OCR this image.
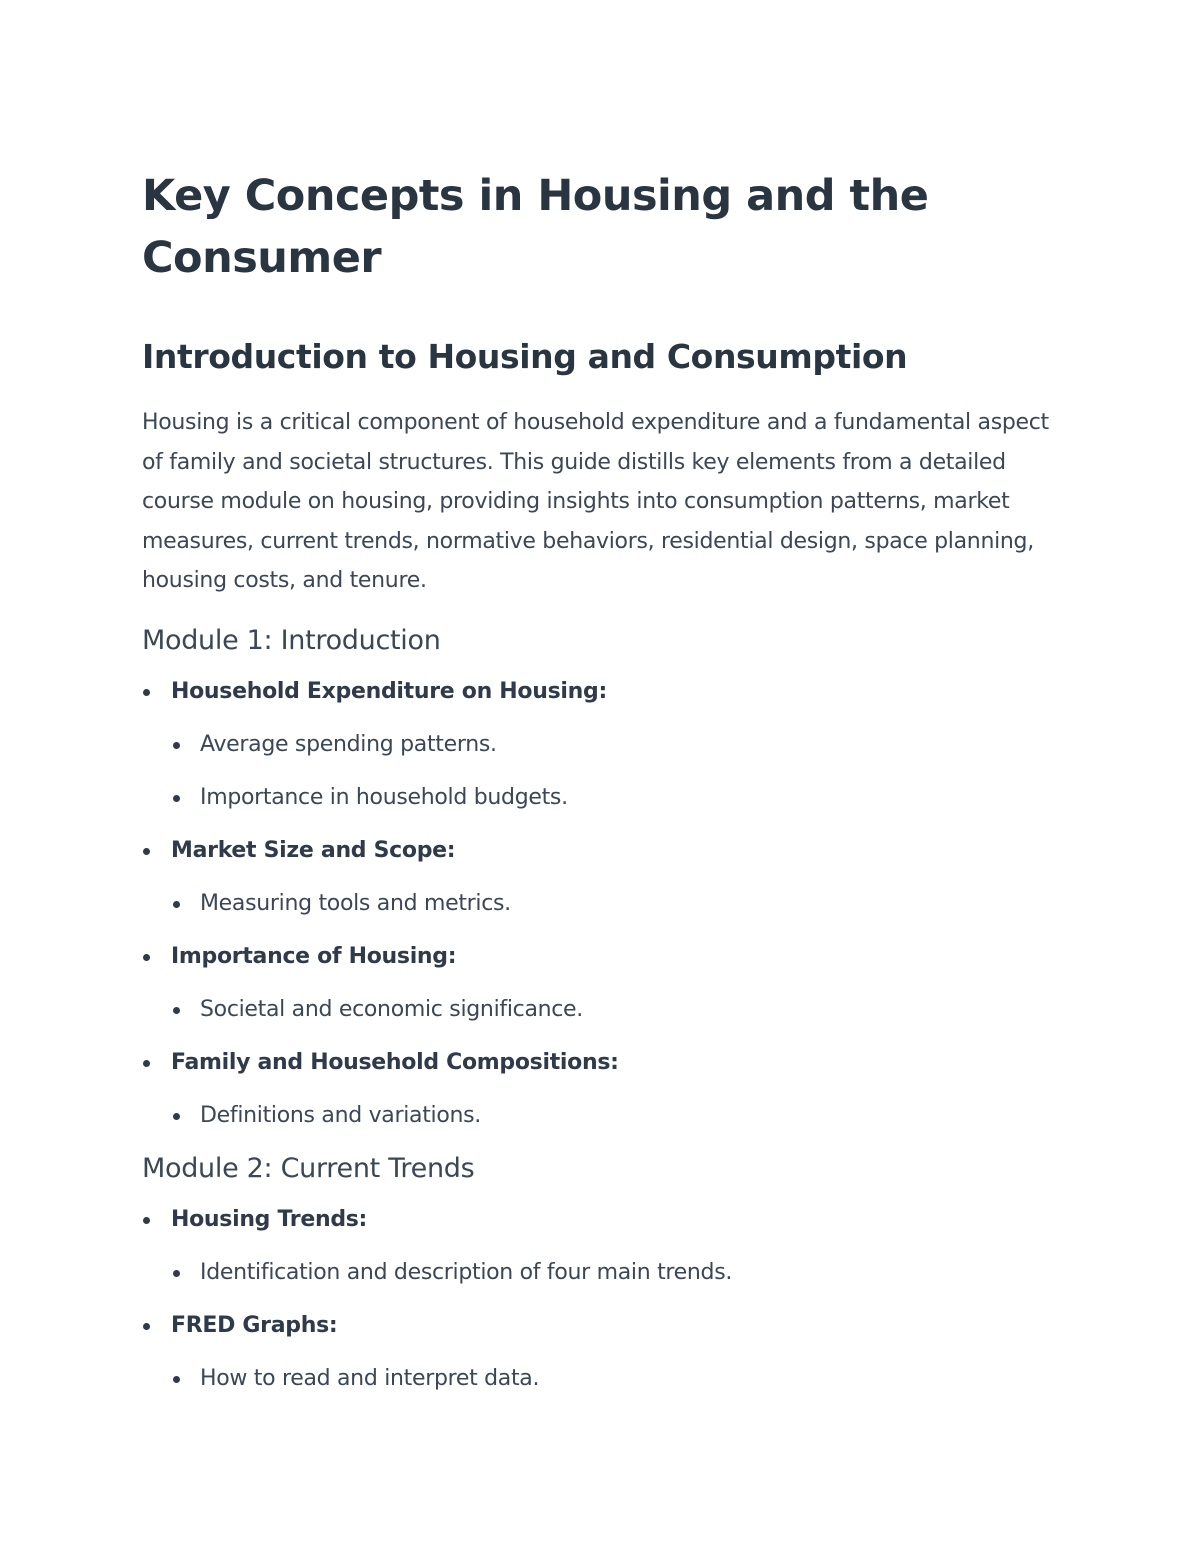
Key Concepts in Housing and the Consumer
Introduction to Housing and Consumption

Housing is a critical component of household expenditure and a fundamental aspect of family and societal structures. This guide distills key elements from a detailed course module on housing, providing insights into consumption patterns, market measures, current trends, normative behaviors, residential design, space planning, housing costs, and tenure.

Module 1: Introduction
Household Expenditure on Housing:
Average spending patterns.
Importance in household budgets.
Market Size and Scope:
Measuring tools and metrics.
Importance of Housing:
Societal and economic significance.
Family and Household Compositions:
Definitions and variations.
Module 2: Current Trends
Housing Trends:
Identification and description of four main trends.
FRED Graphs:
How to read and interpret data.
